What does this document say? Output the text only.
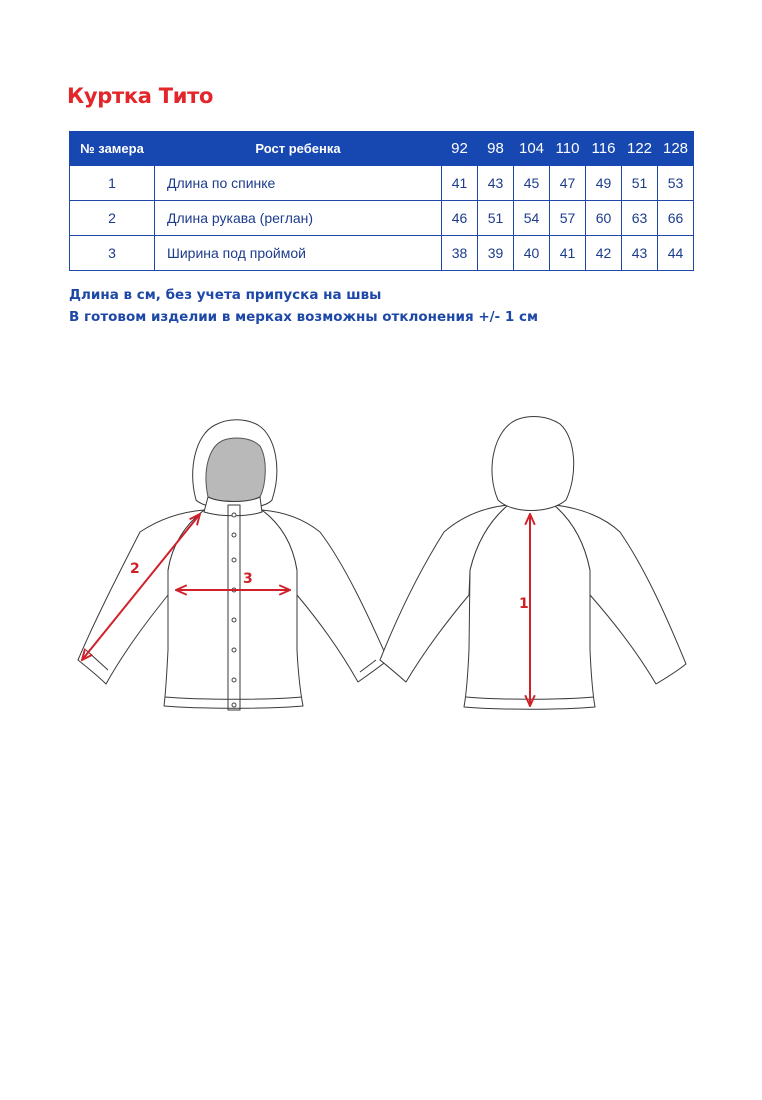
Куртка Тито
№ замера	Рост ребенка	92	98	104	110	116	122	128
1	Длина по спинке	41	43	45	47	49	51	53
2	Длина рукава (реглан)	46	51	54	57	60	63	66
3	Ширина под проймой	38	39	40	41	42	43	44
Длина в см, без учета припуска на швы
В готовом изделии в мерках возможны отклонения +/- 1 см
2
3
1
